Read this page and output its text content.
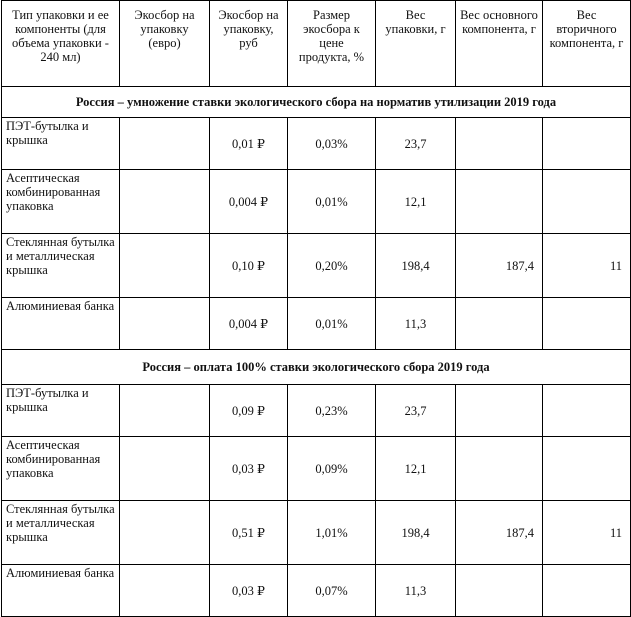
Тип упаковки и ее компоненты (для объема упаковки - 240 мл)	Экосбор на упаковку (евро)	Экосбор на упаковку, руб	Размер экосбора к цене продукта, %	Вес упаковки, г	Вес основного компонента, г	Вес вторичного компонента, г
Россия – умножение ставки экологического сбора на норматив утилизации 2019 года						
ПЭТ-бутылка и крышка		0,01 ₽	0,03%	23,7		
Асептическая комбинированная упаковка		0,004 ₽	0,01%	12,1		
Стеклянная бутылка и металлическая крышка		0,10 ₽	0,20%	198,4	187,4	11
Алюминиевая банка		0,004 ₽	0,01%	11,3		
Россия – оплата 100% ставки экологического сбора 2019 года						
ПЭТ-бутылка и крышка		0,09 ₽	0,23%	23,7		
Асептическая комбинированная упаковка		0,03 ₽	0,09%	12,1		
Стеклянная бутылка и металлическая крышка		0,51 ₽	1,01%	198,4	187,4	11
Алюминиевая банка		0,03 ₽	0,07%	11,3		
